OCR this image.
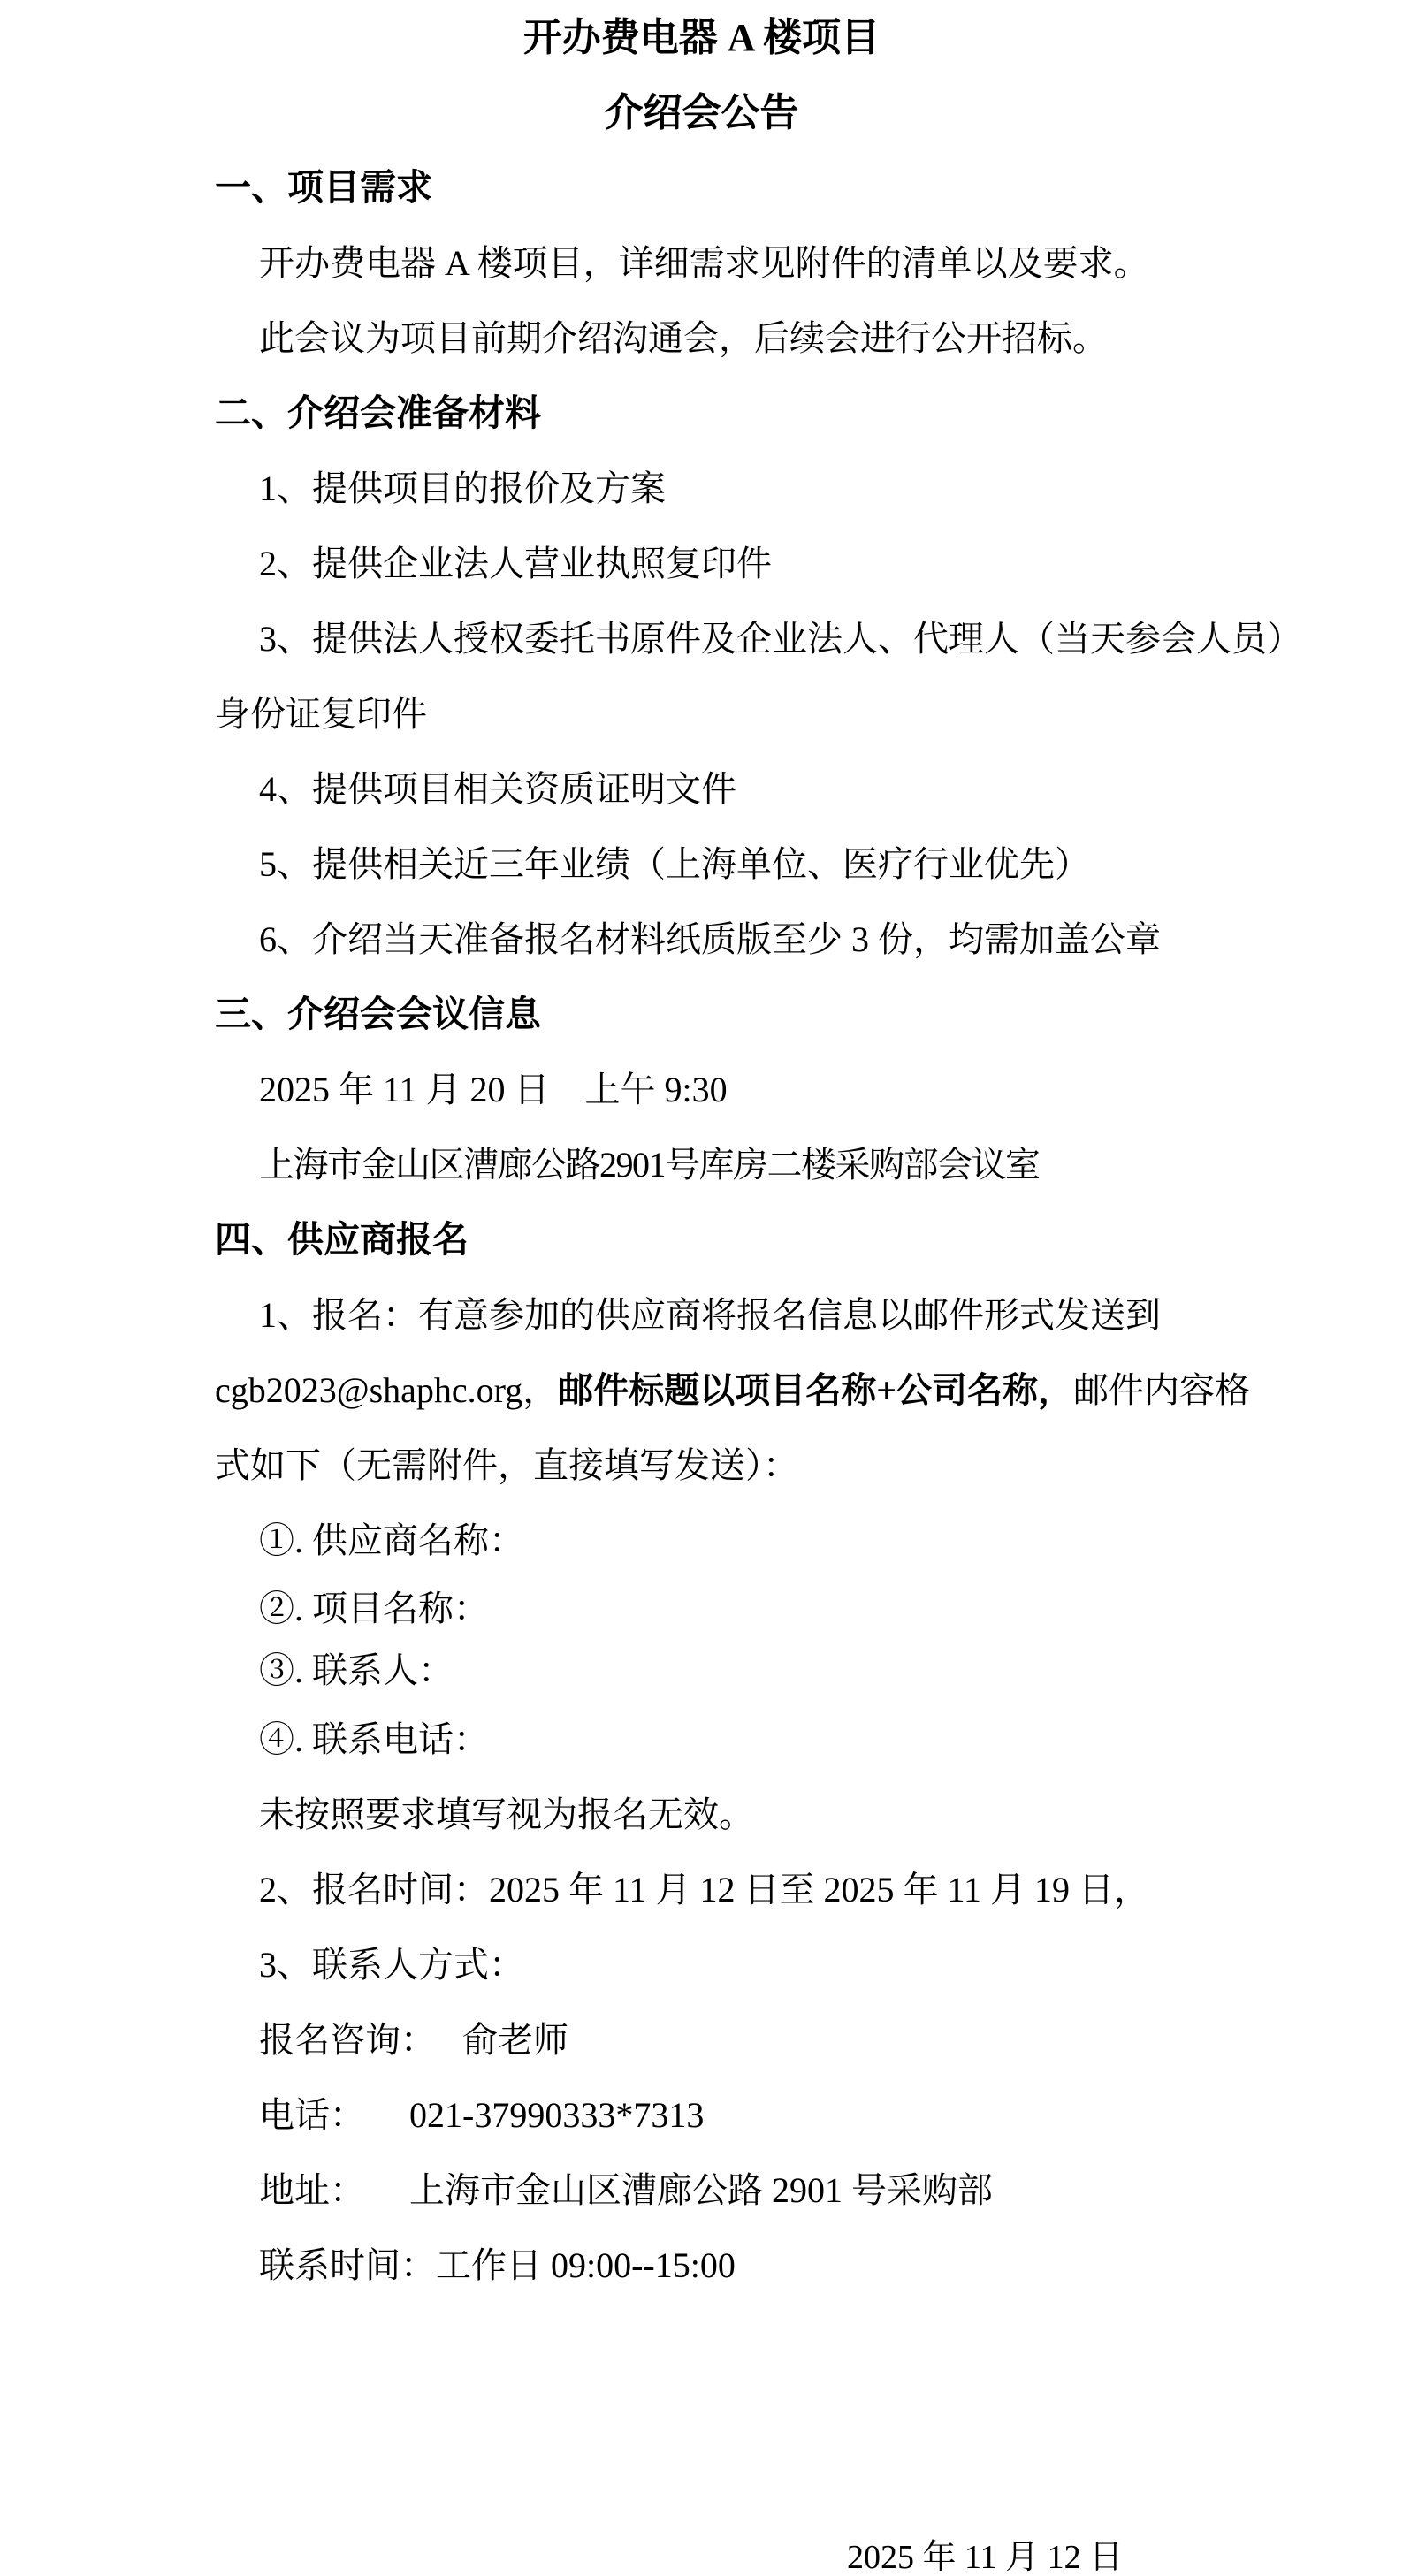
开办费电器 A 楼项目

介绍会公告

一、项目需求

开办费电器 A 楼项目，详细需求见附件的清单以及要求。

此会议为项目前期介绍沟通会，后续会进行公开招标。

二、介绍会准备材料

1、提供项目的报价及方案

2、提供企业法人营业执照复印件

3、提供法人授权委托书原件及企业法人、代理人（当天参会人员）

身份证复印件

4、提供项目相关资质证明文件

5、提供相关近三年业绩（上海单位、医疗行业优先）

6、介绍当天准备报名材料纸质版至少 3 份，均需加盖公章

三、介绍会会议信息

2025 年 11 月 20 日    上午 9:30

上海市金山区漕廊公路2901号库房二楼采购部会议室

四、供应商报名

1、报名：有意参加的供应商将报名信息以邮件形式发送到

cgb2023@shaphc.org，邮件标题以项目名称+公司名称，邮件内容格

式如下（无需附件，直接填写发送）：

①. 供应商名称：

②. 项目名称：

③. 联系人：

④. 联系电话：

未按照要求填写视为报名无效。

2、报名时间：2025 年 11 月 12 日至 2025 年 11 月 19 日，

3、联系人方式：

报名咨询：   俞老师

电话：     021-37990333*7313

地址：     上海市金山区漕廊公路 2901 号采购部

联系时间：工作日 09:00--15:00

2025 年 11 月 12 日
